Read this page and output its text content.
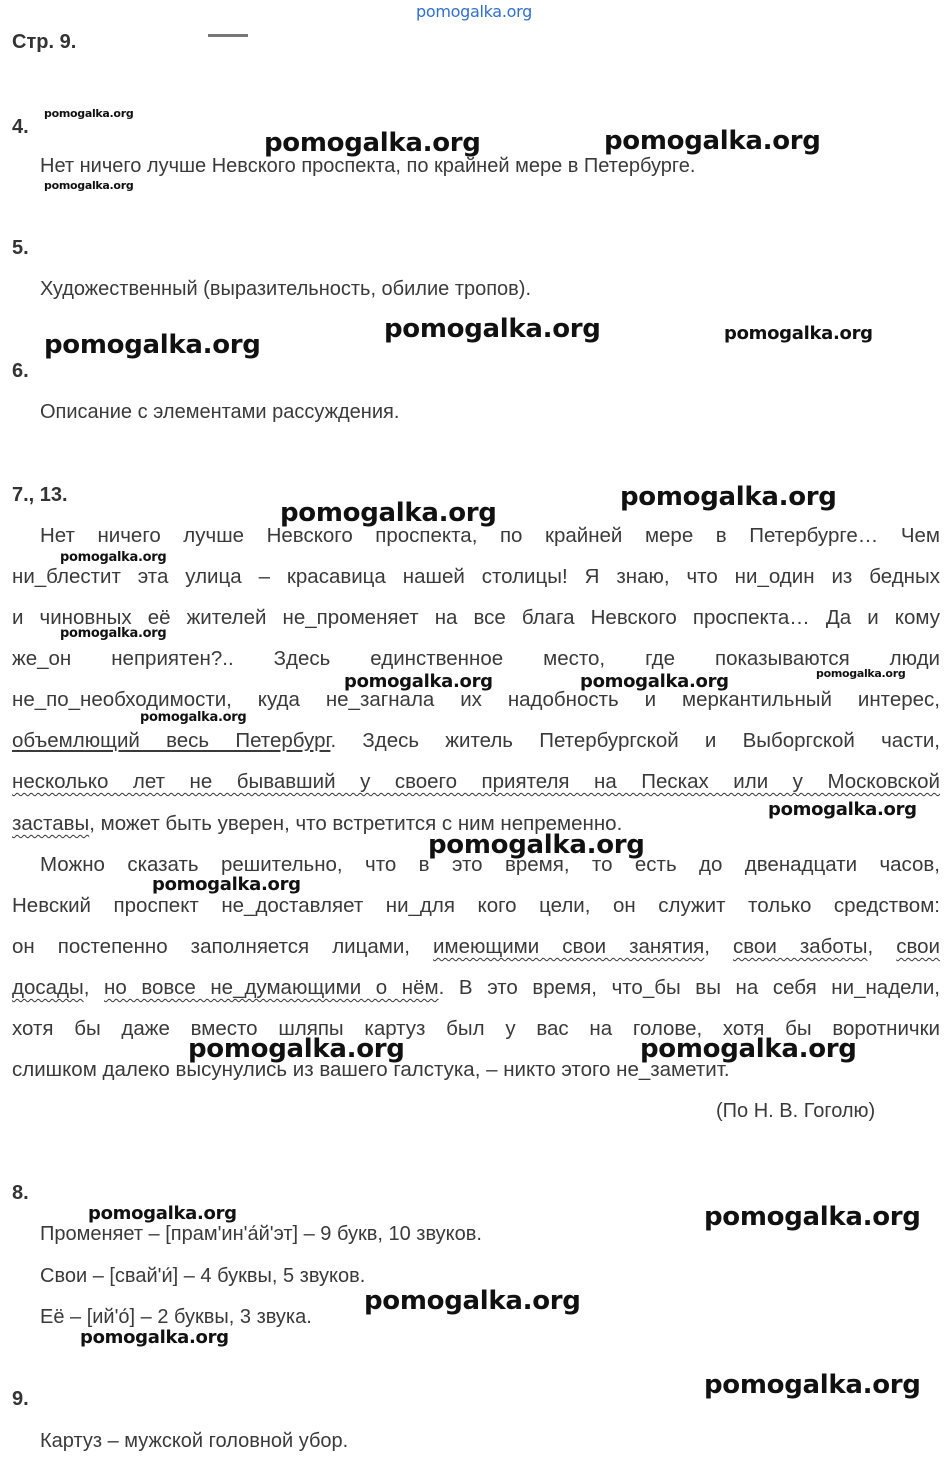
pomogalka.org
Стр. 9.
4.
Нет ничего лучше Невского проспекта, по крайней мере в Петербурге.
5.
Художественный (выразительность, обилие тропов).
6.
Описание с элементами рассуждения.
7., 13.
Нет ничего лучше Невского проспекта, по крайней мере в Петербурге… Чем
ни_блестит эта улица – красавица нашей столицы! Я знаю, что ни_один из бедных
и чиновных её жителей не_променяет на все блага Невского проспекта… Да и кому
же_он неприятен?.. Здесь единственное место, где показываются люди
не_по_необходимости, куда не_загнала их надобность и меркантильный интерес,
объемлющий весь Петербург. Здесь житель Петербургской и Выборгской части,
несколько лет не бывавший у своего приятеля на Песках или у Московской
заставы, может быть уверен, что встретится с ним непременно.
Можно сказать решительно, что в это время, то есть до двенадцати часов,
Невский проспект не_доставляет ни_для кого цели, он служит только средством:
он постепенно заполняется лицами, имеющими свои занятия, свои заботы, свои
досады, но вовсе не_думающими о нём. В это время, что_бы вы на себя ни_надели,
хотя бы даже вместо шляпы картуз был у вас на голове, хотя бы воротнички
слишком далеко высунулись из вашего галстука, – никто этого не_заметит.
(По Н. В. Гоголю)
8.
Променяет – [прам'ин'а́й'эт] – 9 букв, 10 звуков.
Свои – [свай'и́] – 4 буквы, 5 звуков.
Её – [ий'о́] – 2 буквы, 3 звука.
9.
Картуз – мужской головной убор.
pomogalka.org
pomogalka.org	pomogalka.org
pomogalka.org
pomogalka.org	pomogalka.org
pomogalka.org
pomogalka.org
pomogalka.org
pomogalka.org
pomogalka.org
pomogalka.org
pomogalka.org	pomogalka.org
pomogalka.org
pomogalka.org
pomogalka.org
pomogalka.org
pomogalka.org	pomogalka.org
pomogalka.org	pomogalka.org
pomogalka.org
pomogalka.org
pomogalka.org
